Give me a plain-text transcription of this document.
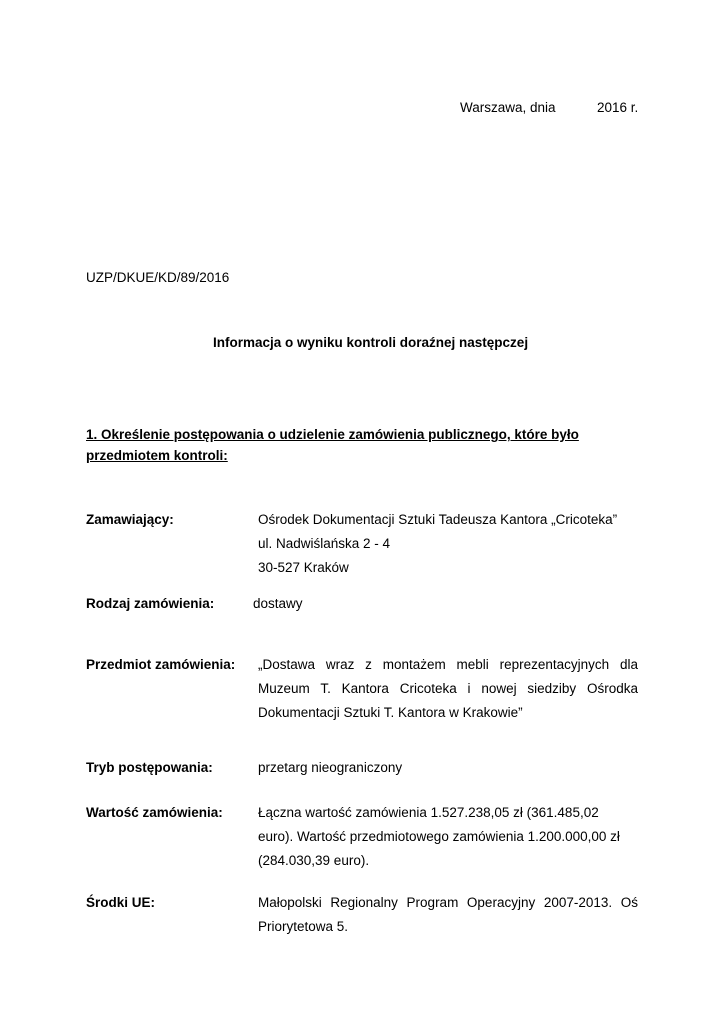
Warszawa, dnia	2016 r.
UZP/DKUE/KD/89/2016
Informacja o wyniku kontroli doraźnej następczej
1. Określenie postępowania o udzielenie zamówienia publicznego, które było przedmiotem kontroli:
Zamawiający:	Ośrodek Dokumentacji Sztuki Tadeusza Kantora „Cricoteka”
ul. Nadwiślańska 2 - 4
30-527 Kraków
Rodzaj zamówienia:	dostawy
Przedmiot zamówienia: „Dostawa wraz z montażem mebli reprezentacyjnych dla Muzeum T. Kantora Cricoteka i nowej siedziby Ośrodka Dokumentacji Sztuki T. Kantora w Krakowie”
Tryb postępowania:	przetarg nieograniczony
Wartość zamówienia:	Łączna wartość zamówienia 1.527.238,05 zł (361.485,02 euro). Wartość przedmiotowego zamówienia 1.200.000,00 zł (284.030,39 euro).
Środki UE:	Małopolski Regionalny Program Operacyjny 2007-2013. Oś Priorytetowa 5.
